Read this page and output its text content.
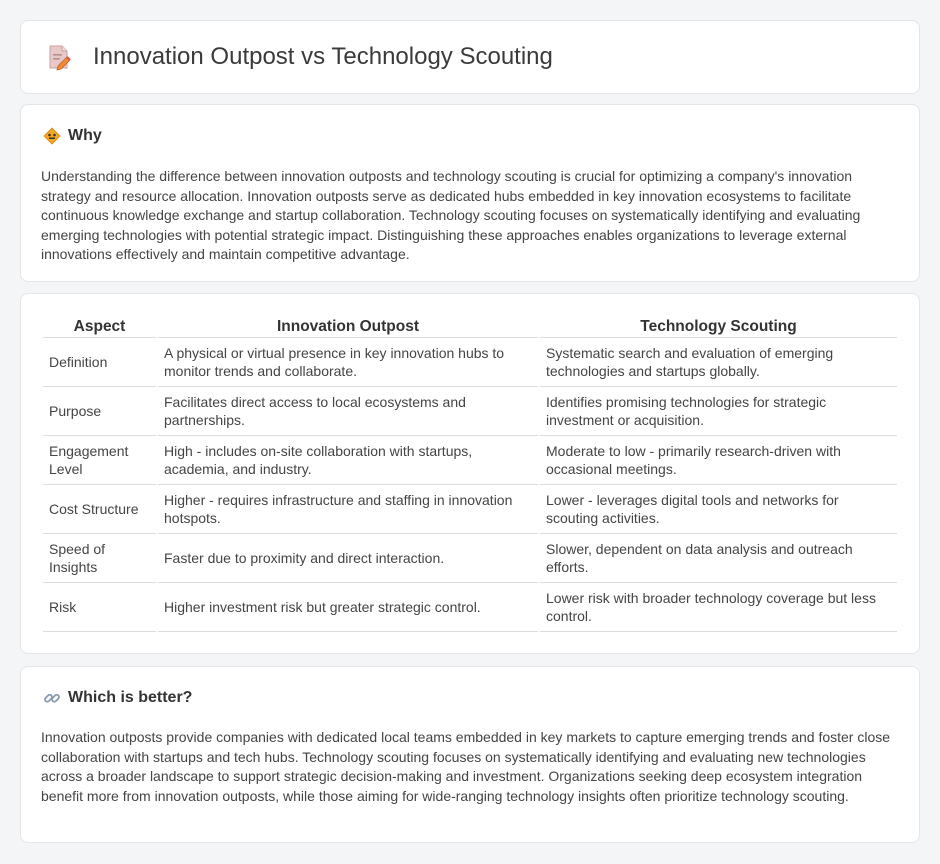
Innovation Outpost vs Technology Scouting
Why

Understanding the difference between innovation outposts and technology scouting is crucial for optimizing a company's innovation strategy and resource allocation. Innovation outposts serve as dedicated hubs embedded in key innovation ecosystems to facilitate continuous knowledge exchange and startup collaboration. Technology scouting focuses on systematically identifying and evaluating emerging technologies with potential strategic impact. Distinguishing these approaches enables organizations to leverage external innovations effectively and maintain competitive advantage.

Aspect	Innovation Outpost	Technology Scouting
Definition	A physical or virtual presence in key innovation hubs to monitor trends and collaborate.	Systematic search and evaluation of emerging technologies and startups globally.
Purpose	Facilitates direct access to local ecosystems and partnerships.	Identifies promising technologies for strategic investment or acquisition.
Engagement Level	High - includes on-site collaboration with startups, academia, and industry.	Moderate to low - primarily research-driven with occasional meetings.
Cost Structure	Higher - requires infrastructure and staffing in innovation hotspots.	Lower - leverages digital tools and networks for scouting activities.
Speed of Insights	Faster due to proximity and direct interaction.	Slower, dependent on data analysis and outreach efforts.
Risk	Higher investment risk but greater strategic control.	Lower risk with broader technology coverage but less control.
Which is better?

Innovation outposts provide companies with dedicated local teams embedded in key markets to capture emerging trends and foster close collaboration with startups and tech hubs. Technology scouting focuses on systematically identifying and evaluating new technologies across a broader landscape to support strategic decision-making and investment. Organizations seeking deep ecosystem integration benefit more from innovation outposts, while those aiming for wide-ranging technology insights often prioritize technology scouting.
